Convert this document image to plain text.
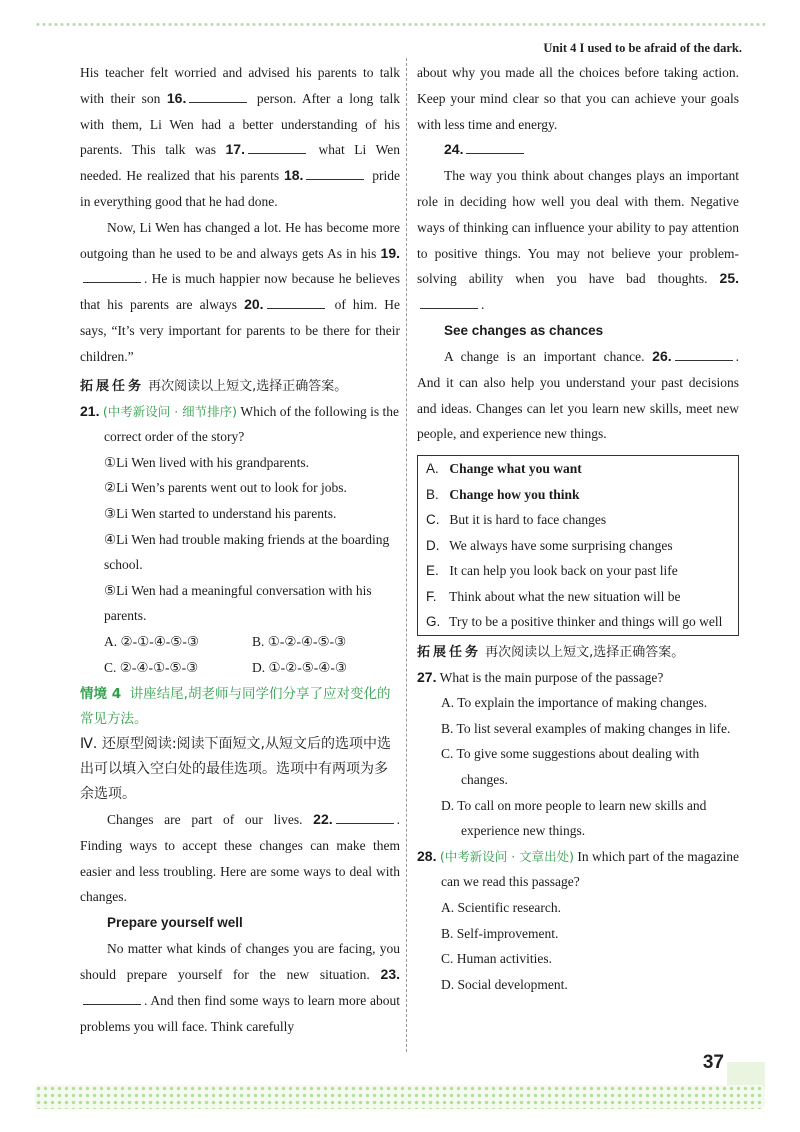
Unit 4 I used to be afraid of the dark.

His teacher felt worried and advised his parents to talk with their son 16.	person. After a long talk with them, Li Wen had a better understanding of his parents. This talk was 17.	what Li Wen needed. He realized that his parents 18.	pride in everything good that he had done.

Now, Li Wen has changed a lot. He has become more outgoing than he used to be and always gets As in his 19.. He is much happier now because he believes that his parents are always 20.	of him. He says, “It’s very important for parents to be there for their children.”

拓展任务 再次阅读以上短文,选择正确答案。
21. (中考新设问 · 细节排序) Which of the following is the correct order of the story?
①Li Wen lived with his grandparents.
②Li Wen’s parents went out to look for jobs.
③Li Wen started to understand his parents.
④Li Wen had trouble making friends at the boarding school.
⑤Li Wen had a meaningful conversation with his parents.
A. ②-①-④-⑤-③	B. ①-②-④-⑤-③
C. ②-④-①-⑤-③	D. ①-②-⑤-④-③
情境 4 讲座结尾,胡老师与同学们分享了应对变化的常见方法。
Ⅳ. 还原型阅读:阅读下面短文,从短文后的选项中选出可以填入空白处的最佳选项。选项中有两项为多余选项。

Changes are part of our lives. 22.	. Finding ways to accept these changes can make them easier and less troubling. Here are some ways to deal with changes.

Prepare yourself well

No matter what kinds of changes you are facing, you should prepare yourself for the new situation. 23.. And then find some ways to learn more about problems you will face. Think carefully

about why you made all the choices before taking action. Keep your mind clear so that you can achieve your goals with less time and energy.

24.

The way you think about changes plays an important role in deciding how well you deal with them. Negative ways of thinking can influence your ability to pay attention to positive things. You may not believe your problem-solving ability when you have bad thoughts. 25..

See changes as chances

A change is an important chance. 26.	. And it can also help you understand your past decisions and ideas. Changes can let you learn new skills, meet new people, and experience new things.

A. Change what you want
B. Change how you think
C. But it is hard to face changes
D. We always have some surprising changes
E. It can help you look back on your past life
F. Think about what the new situation will be
G. Try to be a positive thinker and things will go well
拓展任务 再次阅读以上短文,选择正确答案。
27. What is the main purpose of the passage?
A. To explain the importance of making changes.
B. To list several examples of making changes in life.
C. To give some suggestions about dealing with changes.
D. To call on more people to learn new skills and experience new things.
28. (中考新设问 · 文章出处) In which part of the magazine can we read this passage?
A. Scientific research.
B. Self-improvement.
C. Human activities.
D. Social development.
37
